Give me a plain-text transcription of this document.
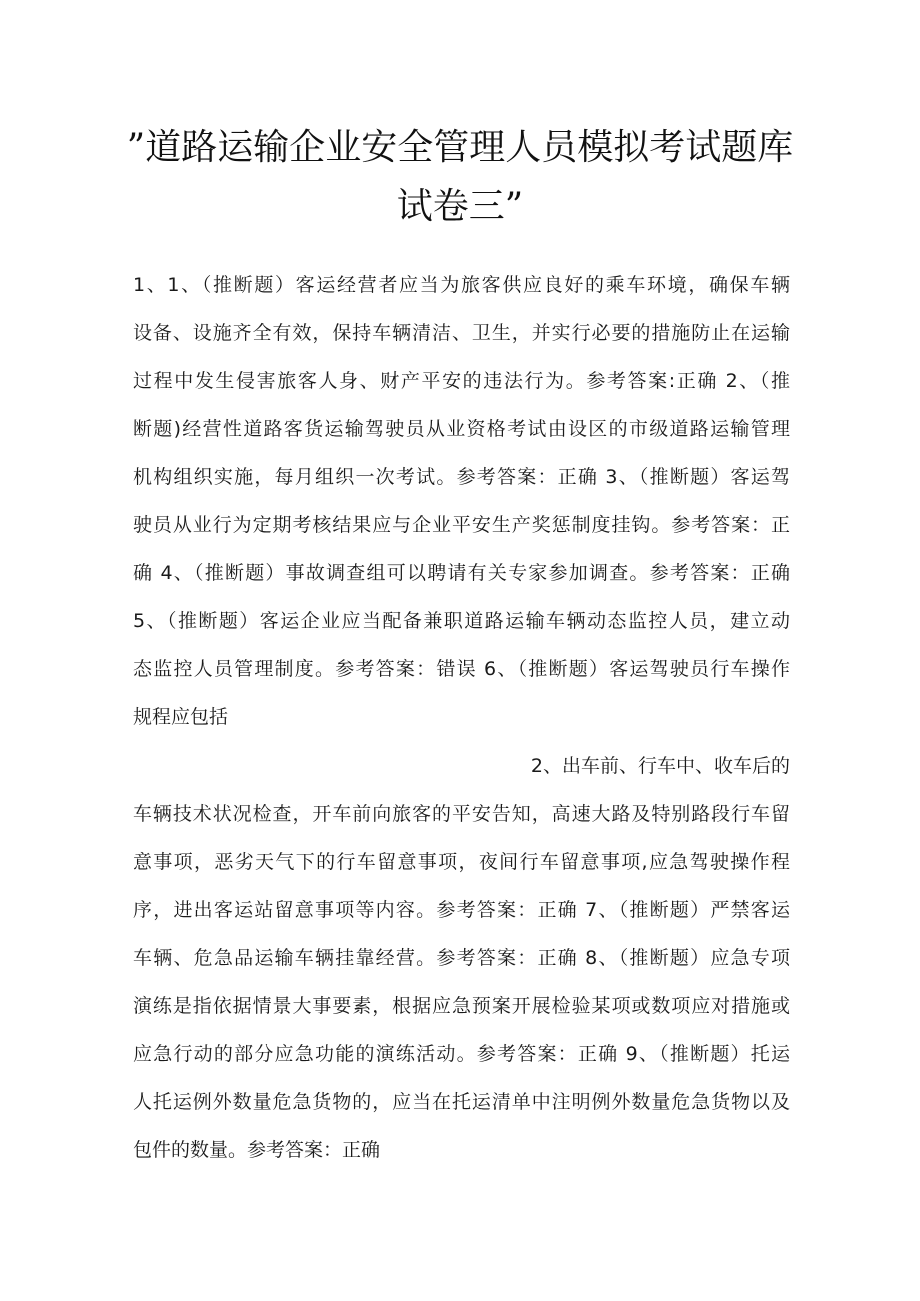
”道路运输企业安全管理人员模拟考试题库
试卷三”
1、1、（推断题）客运经营者应当为旅客供应良好的乘车环境，确保车辆
设备、设施齐全有效，保持车辆清洁、卫生，并实行必要的措施防止在运输
过程中发生侵害旅客人身、财产平安的违法行为。参考答案:正确 2、（推
断题)经营性道路客货运输驾驶员从业资格考试由设区的市级道路运输管理
机构组织实施，每月组织一次考试。参考答案：正确 3、（推断题）客运驾
驶员从业行为定期考核结果应与企业平安生产奖惩制度挂钩。参考答案：正
确 4、（推断题）事故调查组可以聘请有关专家参加调查。参考答案：正确
5、（推断题）客运企业应当配备兼职道路运输车辆动态监控人员，建立动
态监控人员管理制度。参考答案：错误 6、（推断题）客运驾驶员行车操作
规程应包括
2、出车前、行车中、收车后的
车辆技术状况检查，开车前向旅客的平安告知，高速大路及特别路段行车留
意事项，恶劣天气下的行车留意事项，夜间行车留意事项,应急驾驶操作程
序，进出客运站留意事项等内容。参考答案：正确 7、（推断题）严禁客运
车辆、危急品运输车辆挂靠经营。参考答案：正确 8、（推断题）应急专项
演练是指依据情景大事要素，根据应急预案开展检验某项或数项应对措施或
应急行动的部分应急功能的演练活动。参考答案：正确 9、（推断题）托运
人托运例外数量危急货物的，应当在托运清单中注明例外数量危急货物以及
包件的数量。参考答案：正确
